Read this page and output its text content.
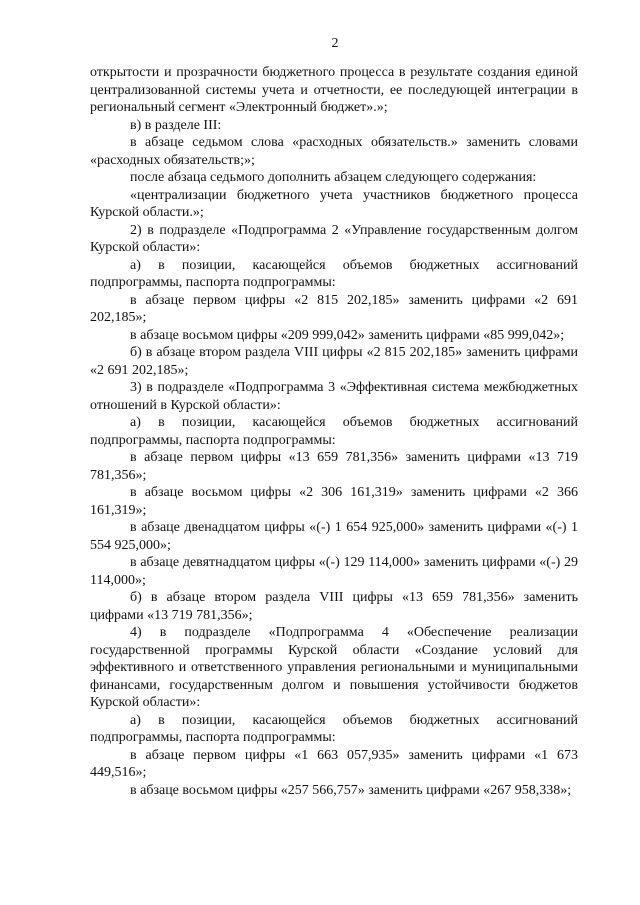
2

открытости и прозрачности бюджетного процесса в результате создания единой централизованной системы учета и отчетности, ее последующей интеграции в региональный сегмент «Электронный бюджет».»;

в) в разделе III:

в абзаце седьмом слова «расходных обязательств.» заменить словами «расходных обязательств;»;

после абзаца седьмого дополнить абзацем следующего содержания:

«централизации бюджетного учета участников бюджетного процесса Курской области.»;

2) в подразделе «Подпрограмма 2 «Управление государственным долгом Курской области»:

а) в позиции, касающейся объемов бюджетных ассигнований подпрограммы, паспорта подпрограммы:

в абзаце первом цифры «2 815 202,185» заменить цифрами «2 691 202,185»;

в абзаце восьмом цифры «209 999,042» заменить цифрами «85 999,042»;

б) в абзаце втором раздела VIII цифры «2 815 202,185» заменить цифрами «2 691 202,185»;

3) в подразделе «Подпрограмма 3 «Эффективная система межбюджетных отношений в Курской области»:

а) в позиции, касающейся объемов бюджетных ассигнований подпрограммы, паспорта подпрограммы:

в абзаце первом цифры «13 659 781,356» заменить цифрами «13 719 781,356»;

в абзаце восьмом цифры «2 306 161,319» заменить цифрами «2 366 161,319»;

в абзаце двенадцатом цифры «(-) 1 654 925,000» заменить цифрами «(-) 1 554 925,000»;

в абзаце девятнадцатом цифры «(-) 129 114,000» заменить цифрами «(-) 29 114,000»;

б) в абзаце втором раздела VIII цифры «13 659 781,356» заменить цифрами «13 719 781,356»;

4) в подразделе «Подпрограмма 4 «Обеспечение реализации государственной программы Курской области «Создание условий для эффективного и ответственного управления региональными и муниципальными финансами, государственным долгом и повышения устойчивости бюджетов Курской области»:

а) в позиции, касающейся объемов бюджетных ассигнований подпрограммы, паспорта подпрограммы:

в абзаце первом цифры «1 663 057,935» заменить цифрами «1 673 449,516»;

в абзаце восьмом цифры «257 566,757» заменить цифрами «267 958,338»;
